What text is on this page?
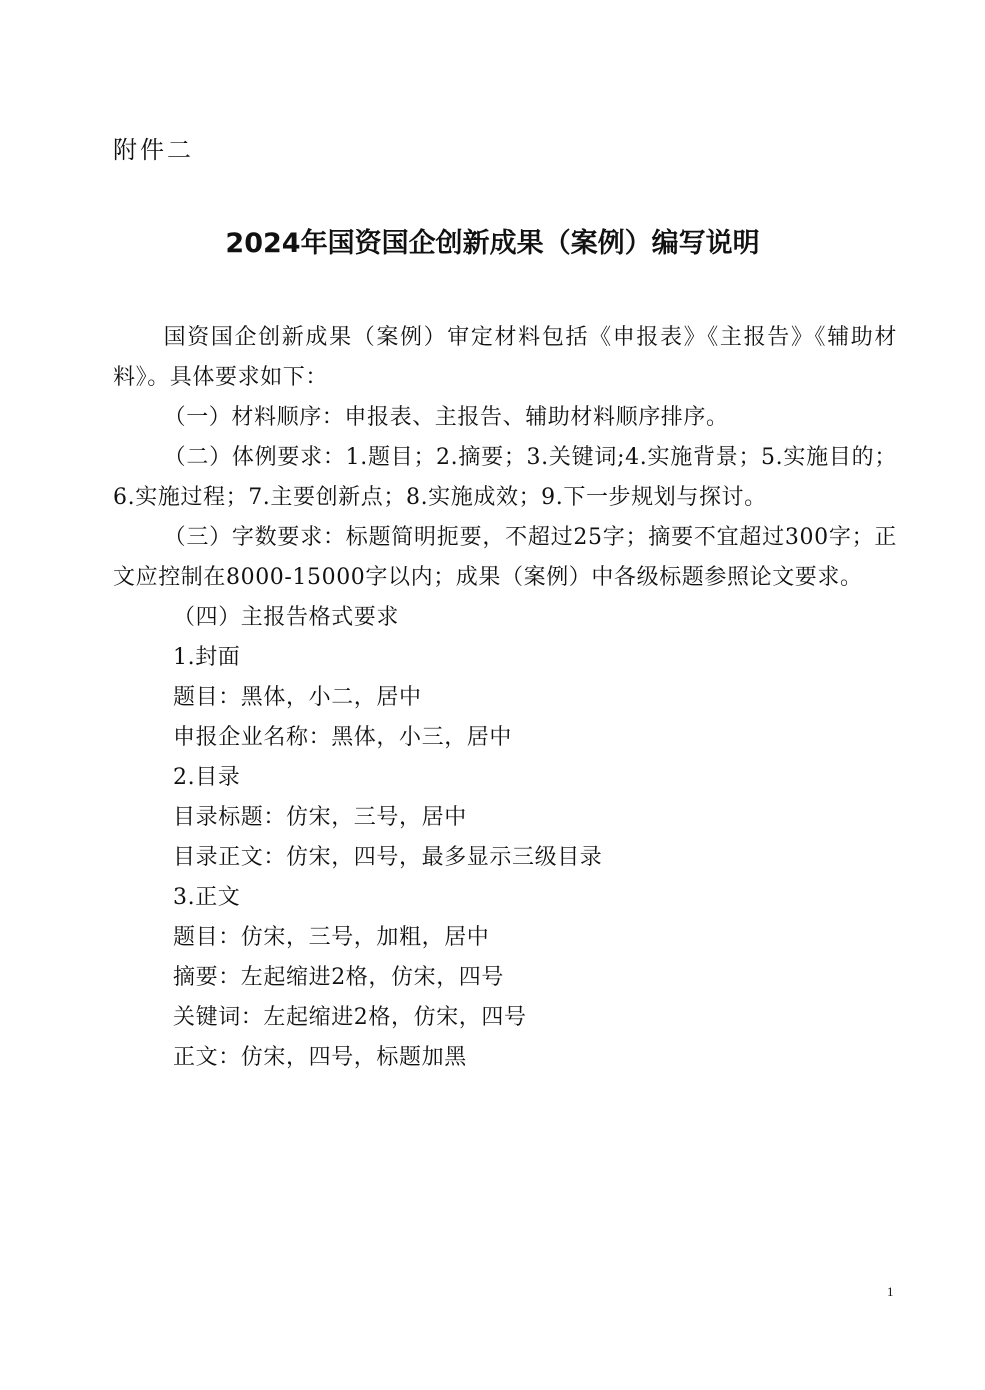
附件二
2024年国资国企创新成果（案例）编写说明

国资国企创新成果（案例）审定材料包括《申报表》《主报告》《辅助材料》。具体要求如下：

（一）材料顺序：申报表、主报告、辅助材料顺序排序。

（二）体例要求：1.题目；2.摘要；3.关键词;4.实施背景；5.实施目的；6.实施过程；7.主要创新点；8.实施成效；9.下一步规划与探讨。

（三）字数要求：标题简明扼要，不超过25字；摘要不宜超过300字；正文应控制在8000-15000字以内；成果（案例）中各级标题参照论文要求。

（四）主报告格式要求

1.封面

题目：黑体，小二，居中

申报企业名称：黑体，小三，居中

2.目录

目录标题：仿宋，三号，居中

目录正文：仿宋，四号，最多显示三级目录

3.正文

题目：仿宋，三号，加粗，居中

摘要：左起缩进2格，仿宋，四号

关键词：左起缩进2格，仿宋，四号

正文：仿宋，四号，标题加黑

1
